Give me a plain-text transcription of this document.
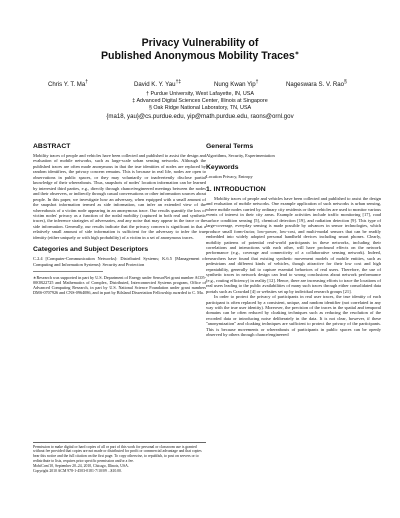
Privacy Vulnerability of
Published Anonymous Mobility Traces∗
Chris Y. T. Ma†	David K. Y. Yau†‡	Nung Kwan Yip†	Nageswara S. V. Rao§
† Purdue University, West Lafayette, IN, USA
‡ Advanced Digital Sciences Center, Illinois at Singapore
§ Oak Ridge National Laboratory, TN, USA
{ma18, yau}@cs.purdue.edu, yip@math.purdue.edu, raons@ornl.gov
ABSTRACT

Mobility traces of people and vehicles have been collected and published to assist the design and evaluation of mobile networks, such as large-scale urban sensing networks. Although the published traces are often made anonymous in that the true identities of nodes are replaced by random identifiers, the privacy concern remains. This is because in real life, nodes are open to observations in public spaces, or they may voluntarily or inadvertently disclose partial knowledge of their whereabouts. Thus, snapshots of nodes' location information can be learned by interested third parties, e.g., directly through chance/engineered meetings between the nodes and their observers, or indirectly through casual conversations or other information sources about people. In this paper, we investigate how an adversary, when equipped with a small amount of the snapshot information termed as side information, can infer an extended view of the whereabouts of a victim node appearing in an anonymous trace. Our results quantify the loss of victim nodes' privacy as a function of the nodal mobility (captured in both real and synthetic traces), the inference strategies of adversaries, and any noise that may appear in the trace or the side information. Generally, our results indicate that the privacy concern is significant in that a relatively small amount of side information is sufficient for the adversary to infer the true identity (either uniquely or with high probability) of a victim in a set of anonymous traces.

Categories and Subject Descriptors

C.2.4 [Computer-Communication Networks]: Distributed Systems; K.6.5 [Management of Computing and Information Systems]: Security and Protection

∗Research was supported in part by U.S. Department of Energy under SensorNet grant number AC05-00OR22725 and Mathematics of Complex, Distributed, Interconnected Systems program, Office of Advanced Computing Research, in part by U.S. National Science Foundation under grant numbers DMS-0707926 and CNS-0964086, and in part by Bilsland Dissertation Fellowship awarded to C. Ma.

Permission to make digital or hard copies of all or part of this work for personal or classroom use is granted without fee provided that copies are not made or distributed for profit or commercial advantage and that copies bear this notice and the full citation on the first page. To copy otherwise, to republish, to post on servers or to redistribute to lists, requires prior specific permission and/or a fee.

MobiCom'10, September 20–24, 2010, Chicago, Illinois, USA.

Copyright 2010 ACM 978-1-4503-0181-7/10/09 ...$10.00.

General Terms

Algorithms, Security, Experimentation

Keywords

Location Privacy, Entropy

1. INTRODUCTION

Mobility traces of people and vehicles have been collected and published to assist the design and evaluation of mobile networks. One example application of such networks is urban sensing, where mobile nodes carried by ordinary city residents or their vehicles are used to monitor various events of interest in their city areas. Example activities include traffic monitoring [17], road surface condition sensing [5], chemical detection [19], and radiation detection [9]. This type of large-coverage, everyday sensing is made possible by advances in sensor technologies, which produce small form-factor, low-power, low-cost, and multi-modal sensors that can be readily embedded into widely adopted personal handheld devices including smart phones. Clearly, mobility patterns of potential real-world participants in these networks, including their correlations and interactions with each other, will have profound effects on the network performance (e.g., coverage and connectivity of a collaborative sensing network). Indeed, researchers have found that existing synthetic movement models of mobile entities, such as pedestrians and different kinds of vehicles, though attractive for their low cost and high repeatability, generally fail to capture essential behaviors of real users. Therefore, the use of synthetic traces in network design can lead to wrong conclusions about network performance (e.g., routing efficiency) in reality [12]. Hence, there are increasing efforts to trace the locations of real users leading to the public availabilities of many such traces through either consolidated data portals such as Crawdad [4] or websites set up by individual research groups [21].

In order to protect the privacy of participants in real user traces, the true identity of each participant is often replaced by a consistent, unique, and random identifier (not correlated in any way with the true user identity). Moreover, the precision of the traces in the spatial and temporal domains can be often reduced by cloaking techniques such as reducing the resolution of the recorded data or introducing noise deliberately in the data. It is not clear, however, if these "anonymization" and cloaking techniques are sufficient to protect the privacy of the participants. This is because movements or whereabouts of participants in public spaces can be openly observed by others through chance/engineered
